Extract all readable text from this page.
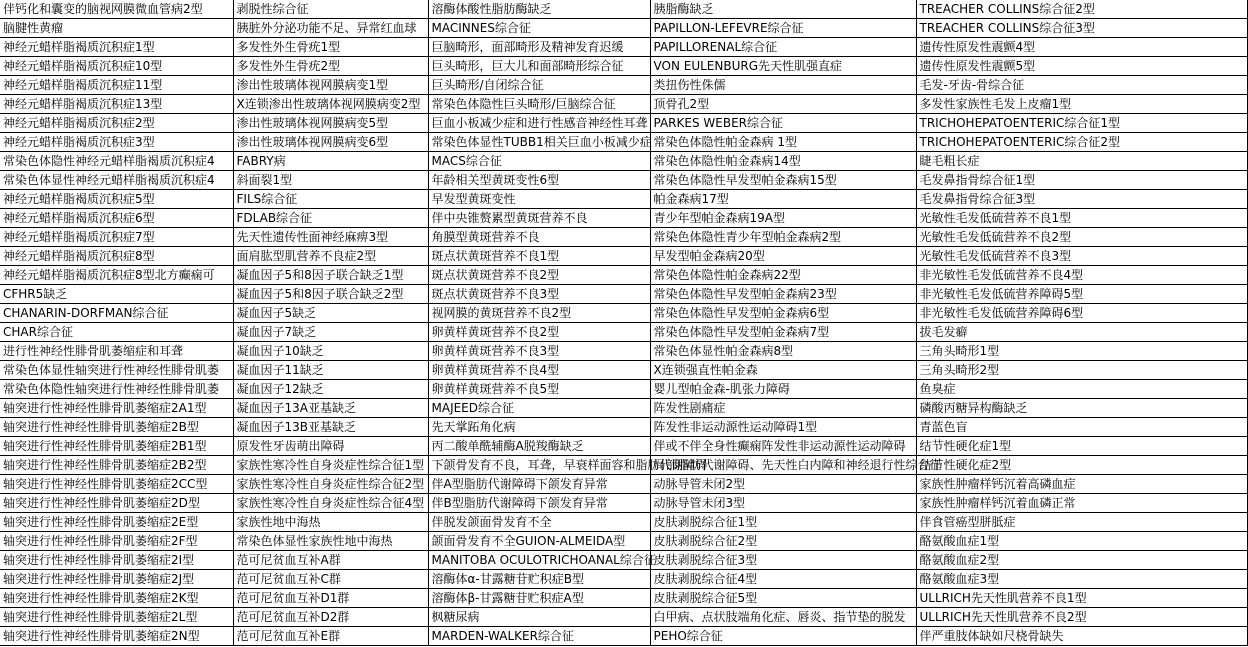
伴钙化和囊变的脑视网膜微血管病2型	剥脱性综合征	溶酶体酸性脂肪酶缺乏	胰脂酶缺乏	TREACHER COLLINS综合征2型
脑腱性黄瘤	胰脏外分泌功能不足、异常红血球	MACINNES综合征	PAPILLON-LEFEVRE综合征	TREACHER COLLINS综合征3型
神经元蜡样脂褐质沉积症1型	多发性外生骨疣1型	巨脑畸形，面部畸形及精神发育迟缓	PAPILLORENAL综合征	遗传性原发性震颤4型
神经元蜡样脂褐质沉积症10型	多发性外生骨疣2型	巨头畸形，巨大儿和面部畸形综合征	VON EULENBURG先天性肌强直症	遗传性原发性震颤5型
神经元蜡样脂褐质沉积症11型	渗出性玻璃体视网膜病变1型	巨头畸形/自闭综合征	类扭伤性侏儒	毛发-牙齿-骨综合征
神经元蜡样脂褐质沉积症13型	X连锁渗出性玻璃体视网膜病变2型	常染色体隐性巨头畸形/巨脑综合征	顶骨孔2型	多发性家族性毛发上皮瘤1型
神经元蜡样脂褐质沉积症2型	渗出性玻璃体视网膜病变5型	巨血小板减少症和进行性感音神经性耳聋	PARKES WEBER综合征	TRICHOHEPATOENTERIC综合征1型
神经元蜡样脂褐质沉积症3型	渗出性玻璃体视网膜病变6型	常染色体显性TUBB1相关巨血小板减少症	常染色体隐性帕金森病 1型	TRICHOHEPATOENTERIC综合征2型
常染色体隐性神经元蜡样脂褐质沉积症4	FABRY病	MACS综合征	常染色体隐性帕金森病14型	睫毛粗长症
常染色体显性神经元蜡样脂褐质沉积症4	斜面裂1型	年龄相关型黄斑变性6型	常染色体隐性早发型帕金森病15型	毛发鼻指骨综合征1型
神经元蜡样脂褐质沉积症5型	FILS综合征	早发型黄斑变性	帕金森病17型	毛发鼻指骨综合征3型
神经元蜡样脂褐质沉积症6型	FDLAB综合征	伴中央锥赘累型黄斑营养不良	青少年型帕金森病19A型	光敏性毛发低硫营养不良1型
神经元蜡样脂褐质沉积症7型	先天性遗传性面神经麻痹3型	角膜型黄斑营养不良	常染色体隐性青少年型帕金森病2型	光敏性毛发低硫营养不良2型
神经元蜡样脂褐质沉积症8型	面肩肱型肌营养不良症2型	斑点状黄斑营养不良1型	早发型帕金森病20型	光敏性毛发低硫营养不良3型
神经元蜡样脂褐质沉积症8型北方癫痫可	凝血因子5和8因子联合缺乏1型	斑点状黄斑营养不良2型	常染色体隐性帕金森病22型	非光敏性毛发低硫营养不良4型
CFHR5缺乏	凝血因子5和8因子联合缺乏2型	斑点状黄斑营养不良3型	常染色体隐性早发型帕金森病23型	非光敏性毛发低硫营养障碍5型
CHANARIN-DORFMAN综合征	凝血因子5缺乏	视网膜的黄斑营养不良2型	常染色体隐性早发型帕金森病6型	非光敏性毛发低硫营养障碍6型
CHAR综合征	凝血因子7缺乏	卵黄样黄斑营养不良2型	常染色体隐性早发型帕金森病7型	拔毛发癖
进行性神经性腓骨肌萎缩症和耳聋	凝血因子10缺乏	卵黄样黄斑营养不良3型	常染色体显性帕金森病8型	三角头畸形1型
常染色体显性轴突进行性神经性腓骨肌萎	凝血因子11缺乏	卵黄样黄斑营养不良4型	X连锁强直性帕金森	三角头畸形2型
常染色体隐性轴突进行性神经性腓骨肌萎	凝血因子12缺乏	卵黄样黄斑营养不良5型	婴儿型帕金森-肌张力障碍	鱼臭症
轴突进行性神经性腓骨肌萎缩症2A1型	凝血因子13A亚基缺乏	MAJEED综合征	阵发性剧痛症	磷酸丙糖异构酶缺乏
轴突进行性神经性腓骨肌萎缩症2B型	凝血因子13B亚基缺乏	先天掌跖角化病	阵发性非运动源性运动障碍1型	青蓝色盲
轴突进行性神经性腓骨肌萎缩症2B1型	原发性牙齿萌出障碍	丙二酸单酰辅酶A脱羧酶缺乏	伴或不伴全身性癫痫阵发性非运动源性运动障碍	结节性硬化症1型
轴突进行性神经性腓骨肌萎缩症2B2型	家族性寒冷性自身炎症性综合征1型	下颌骨发育不良，耳聋，早衰样面容和脂肪代谢障碍	局部脂肪代谢障碍、先天性白内障和神经退行性综合征	结节性硬化症2型
轴突进行性神经性腓骨肌萎缩症2CC型	家族性寒冷性自身炎症性综合征2型	伴A型脂肪代谢障碍下颌发育异常	动脉导管未闭2型	家族性肿瘤样钙沉着高磷血症
轴突进行性神经性腓骨肌萎缩症2D型	家族性寒冷性自身炎症性综合征4型	伴B型脂肪代谢障碍下颌发育异常	动脉导管未闭3型	家族性肿瘤样钙沉着血磷正常
轴突进行性神经性腓骨肌萎缩症2E型	家族性地中海热	伴脱发颌面骨发育不全	皮肤剥脱综合征1型	伴食管癌型胼胝症
轴突进行性神经性腓骨肌萎缩症2F型	常染色体显性家族性地中海热	颌面骨发育不全GUION-ALMEIDA型	皮肤剥脱综合征2型	酪氨酸血症1型
轴突进行性神经性腓骨肌萎缩症2I型	范可尼贫血互补A群	MANITOBA OCULOTRICHOANAL综合征	皮肤剥脱综合征3型	酪氨酸血症2型
轴突进行性神经性腓骨肌萎缩症2J型	范可尼贫血互补C群	溶酶体α-甘露糖苷贮积症B型	皮肤剥脱综合征4型	酪氨酸血症3型
轴突进行性神经性腓骨肌萎缩症2K型	范可尼贫血互补D1群	溶酶体β-甘露糖苷贮积症A型	皮肤剥脱综合征5型	ULLRICH先天性肌营养不良1型
轴突进行性神经性腓骨肌萎缩症2L型	范可尼贫血互补D2群	枫糖尿病	白甲病、点状肢端角化症、唇炎、指节垫的脱发	ULLRICH先天性肌营养不良2型
轴突进行性神经性腓骨肌萎缩症2N型	范可尼贫血互补E群	MARDEN-WALKER综合征	PEHO综合征	伴严重肢体缺如尺桡骨缺失
